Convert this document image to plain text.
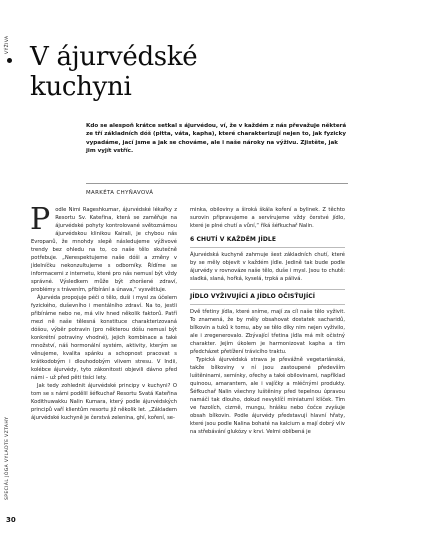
VÝŽIVA
SPECIÁL JÓGA VYLADTE VZTAHY
30
V ájurvédské
kuchyni

Kdo se alespoň krátce setkal s ájurvédou, ví, že v každém z nás převažuje některá ze tří základních dóš (pitta, váta, kapha), které charakterizují nejen to, jak fyzicky vypadáme, jací jsme a jak se chováme, ale i naše nároky na výživu. Zjistěte, jak jim vyjít vstříc.

MARKÉTA CHYŇAVOVÁ

Podle Nimi Rageshkumar, ájurvédské lékařky z Resortu Sv. Kateřina, která se zaměřuje na ájurvédské pohyty kontrolované světoznámou ájurvédskou klinikou Kairali, je chybou nás Evropanů, že mnohdy slepě následujeme výživové trendy bez ohledu na to, co naše tělo skutečně potřebuje. „Nerespektujeme naše dóši a změny v jídelníčku nekonzultujeme s odborníky. Řídíme se informacemi z internetu, které pro nás nemusí být vždy správné. Výsledkem může být zhoršené zdraví, problémy s trávením, přibírání a únava,“ vysvětluje.

Ájurvéda propojuje péči o tělo, duši i mysl za účelem fyzického, duševního i mentálního zdraví. Na to, jestli přibíráme nebo ne, má vliv hned několik faktorů. Patří mezi ně naše tělesná konstituce charakterizovaná dóšou, výběr potravin (pro některou dóšu nemusí být konkrétní potraviny vhodné), jejich kombinace a také množství, náš hormonální systém, aktivity, kterým se věnujeme, kvalita spánku a schopnost pracovat s krátkodobým i dlouhodobým vlivem stresu. V Indii, kolébce ájurvédy, tyto zákonitosti objevili dávno před námi – už před pěti tisíci lety.

Jak tedy zohlednit ájurvédské principy v kuchyni? O tom se s námi podělil šéfkuchař Resortu Svatá Kateřina Kodithuwakku Nalin Kumara, který podle ájurvédských principů vaří klientům resortu již několik let. „Základem ájurvédské kuchyně je čerstvá zelenina, ghí, koření, se-

minka, obiloviny a široká škála koření a bylinek. Z těchto surovin připravujeme a servírujeme vždy čerstvé jídlo, které je plné chutí a vůní,“ říká šéfkuchař Nalin.

6 CHUTÍ V KAŽDÉM JÍDLE

Ájurvédská kuchyně zahrnuje šest základních chutí, které by se měly objevit v každém jídle. Jedině tak bude podle ájurvédy v rovnováze naše tělo, duše i mysl. Jsou to chutě: sladká, slaná, hořká, kyselá, trpká a pálivá.

JÍDLO VYŽIVUJÍCÍ A JÍDLO OČISŤUJÍCÍ

Dvě třetiny jídla, které sníme, mají za cíl naše tělo vyživit. To znamená, že by měly obsahovat dostatek sacharidů, bílkovin a tuků k tomu, aby se tělo díky nim nejen vyživilo, ale i zregenerovalo. Zbývající třetina jídla má mít očistný charakter. Jejím úkolem je harmonizovat kapha a tím předcházet přetížení trávicího traktu.

Typická ájurvédská strava je převážně vegetariánská, takže bílkoviny v ní jsou zastoupené především luštěninami, semínky, ořechy a také obilovinami, například quinoou, amarantem, ale i vajíčky a mléčnými produkty. Šéfkuchař Nalin všechny luštěniny před tepelnou úpravou namáčí tak dlouho, dokud nevyklíčí miniaturní klíček. Tím ve fazolích, cizrně, mungu, hrášku nebo čočce zvyšuje obsah bílkovin. Podle ájurvédy představují hlavní hřaty, které jsou podle Nalina bohaté na kalcium a mají dobrý vliv na střebávání glukózy v krvi. Velmi oblíbená je
